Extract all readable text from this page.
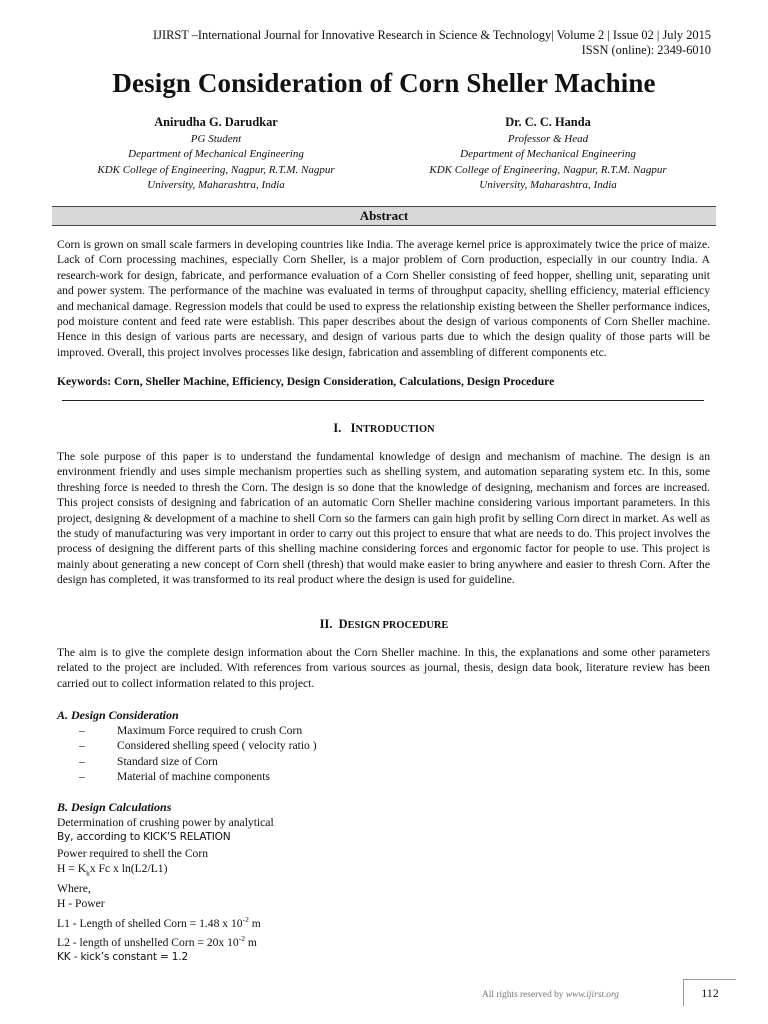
IJIRST –International Journal for Innovative Research in Science & Technology| Volume 2 | Issue 02 | July 2015
ISSN (online): 2349-6010
Design Consideration of Corn Sheller Machine
Anirudha G. Darudkar
PG Student
Department of Mechanical Engineering
KDK College of Engineering, Nagpur, R.T.M. Nagpur
University, Maharashtra, India
Dr. C. C. Handa
Professor & Head
Department of Mechanical Engineering
KDK College of Engineering, Nagpur, R.T.M. Nagpur
University, Maharashtra, India
Abstract
Corn is grown on small scale farmers in developing countries like India. The average kernel price is approximately twice the price of maize. Lack of Corn processing machines, especially Corn Sheller, is a major problem of Corn production, especially in our country India. A research-work for design, fabricate, and performance evaluation of a Corn Sheller consisting of feed hopper, shelling unit, separating unit and power system. The performance of the machine was evaluated in terms of throughput capacity, shelling efficiency, material efficiency and mechanical damage. Regression models that could be used to express the relationship existing between the Sheller performance indices, pod moisture content and feed rate were establish. This paper describes about the design of various components of Corn Sheller machine. Hence in this design of various parts are necessary, and design of various parts due to which the design quality of those parts will be improved. Overall, this project involves processes like design, fabrication and assembling of different components etc.
Keywords: Corn, Sheller Machine, Efficiency, Design Consideration, Calculations, Design Procedure
I. INTRODUCTION
The sole purpose of this paper is to understand the fundamental knowledge of design and mechanism of machine. The design is an environment friendly and uses simple mechanism properties such as shelling system, and automation separating system etc. In this, some threshing force is needed to thresh the Corn. The design is so done that the knowledge of designing, mechanism and forces are increased. This project consists of designing and fabrication of an automatic Corn Sheller machine considering various important parameters. In this project, designing & development of a machine to shell Corn so the farmers can gain high profit by selling Corn direct in market. As well as the study of manufacturing was very important in order to carry out this project to ensure that what are needs to do. This project involves the process of designing the different parts of this shelling machine considering forces and ergonomic factor for people to use. This project is mainly about generating a new concept of Corn shell (thresh) that would make easier to bring anywhere and easier to thresh Corn. After the design has completed, it was transformed to its real product where the design is used for guideline.
II. DESIGN PROCEDURE
The aim is to give the complete design information about the Corn Sheller machine. In this, the explanations and some other parameters related to the project are included. With references from various sources as journal, thesis, design data book, literature review has been carried out to collect information related to this project.
A. Design Consideration
–	Maximum Force required to crush Corn
–	Considered shelling speed ( velocity ratio )
–	Standard size of Corn
–	Material of machine components
B. Design Calculations
Determination of crushing power by analytical
By, according to KICK’S RELATION
Power required to shell the Corn
$H = K_kx$ Fc x ln(L2/L1)
Where,
H - Power
L1 - Length of shelled Corn = 1.48 x $10^{-2}$ m
L2 - length of unshelled Corn = 20x $10^{-2}$ m
KK - kick’s constant = 1.2
All rights reserved by www.ijirst.org	112
